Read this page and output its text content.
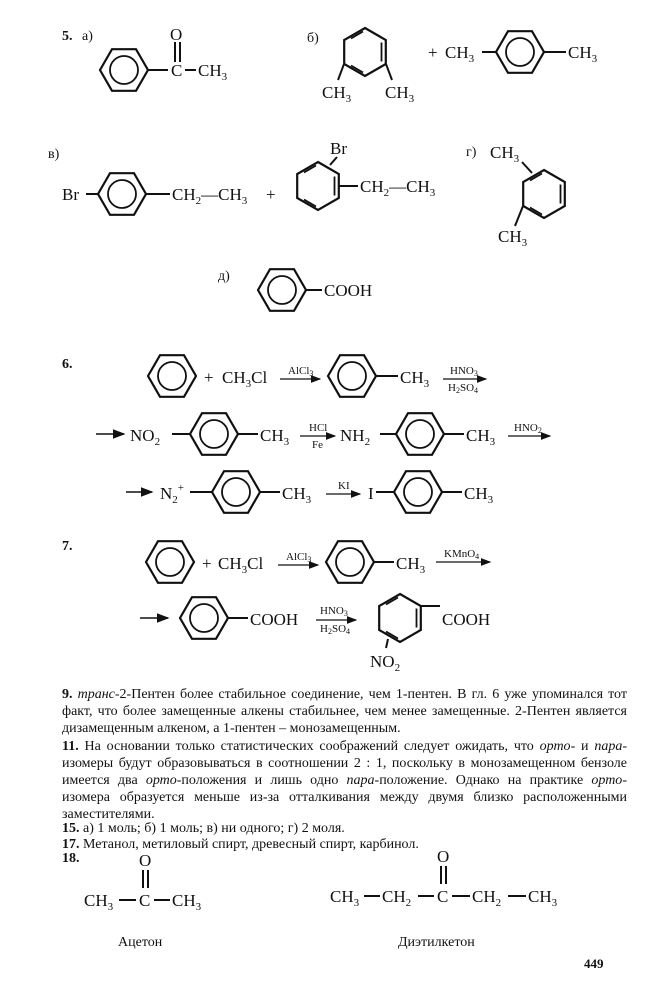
5. а)	O
C $CH_3$
б)
$CH_3$ $CH_3$
+ $CH_3$	$CH_3$
в)
Br	$CH_2—CH_3$ +
Br
$CH_2—CH_3$
г) $CH_3$
$CH_3$
д)
COOH
6.
+ $CH_3Cl$ AlCl3	$CH_3$
HNO3
H2SO4
$NO_2$	$CH_3$
HCl
Fe $NH_2$	$CH_3$
HNO2
$N_2^+$	$CH_3$
KI I	$CH_3$
7.
+ $CH_3Cl$ AlCl3	$CH_3$
KMnO4
COOH HNO3
H2SO4
COOH
$NO_2$
18.
$CH_3$ C
O
$CH_3$
Ацетон
$CH_3$ $CH_2$ C
O
$CH_2$ $CH_3$
Диэтилкетон
449

9. транс-2-Пентен более стабильное соединение, чем 1-пентен. В гл. 6 уже упоминался тот факт, что более замещенные алкены стабильнее, чем менее замещенные. 2-Пентен является дизамещенным алкеном, а 1-пентен – монозамещенным.

11. На основании только статистических соображений следует ожидать, что орто- и пара-изомеры будут образовываться в соотношении 2 : 1, поскольку в монозамещенном бензоле имеется два орто-положения и лишь одно пара-положение. Однако на практике орто-изомера образуется меньше из-за отталкивания между двумя близко расположенными заместителями.

15. а) 1 моль; б) 1 моль; в) ни одного; г) 2 моля.

17. Метанол, метиловый спирт, древесный спирт, карбинол.
